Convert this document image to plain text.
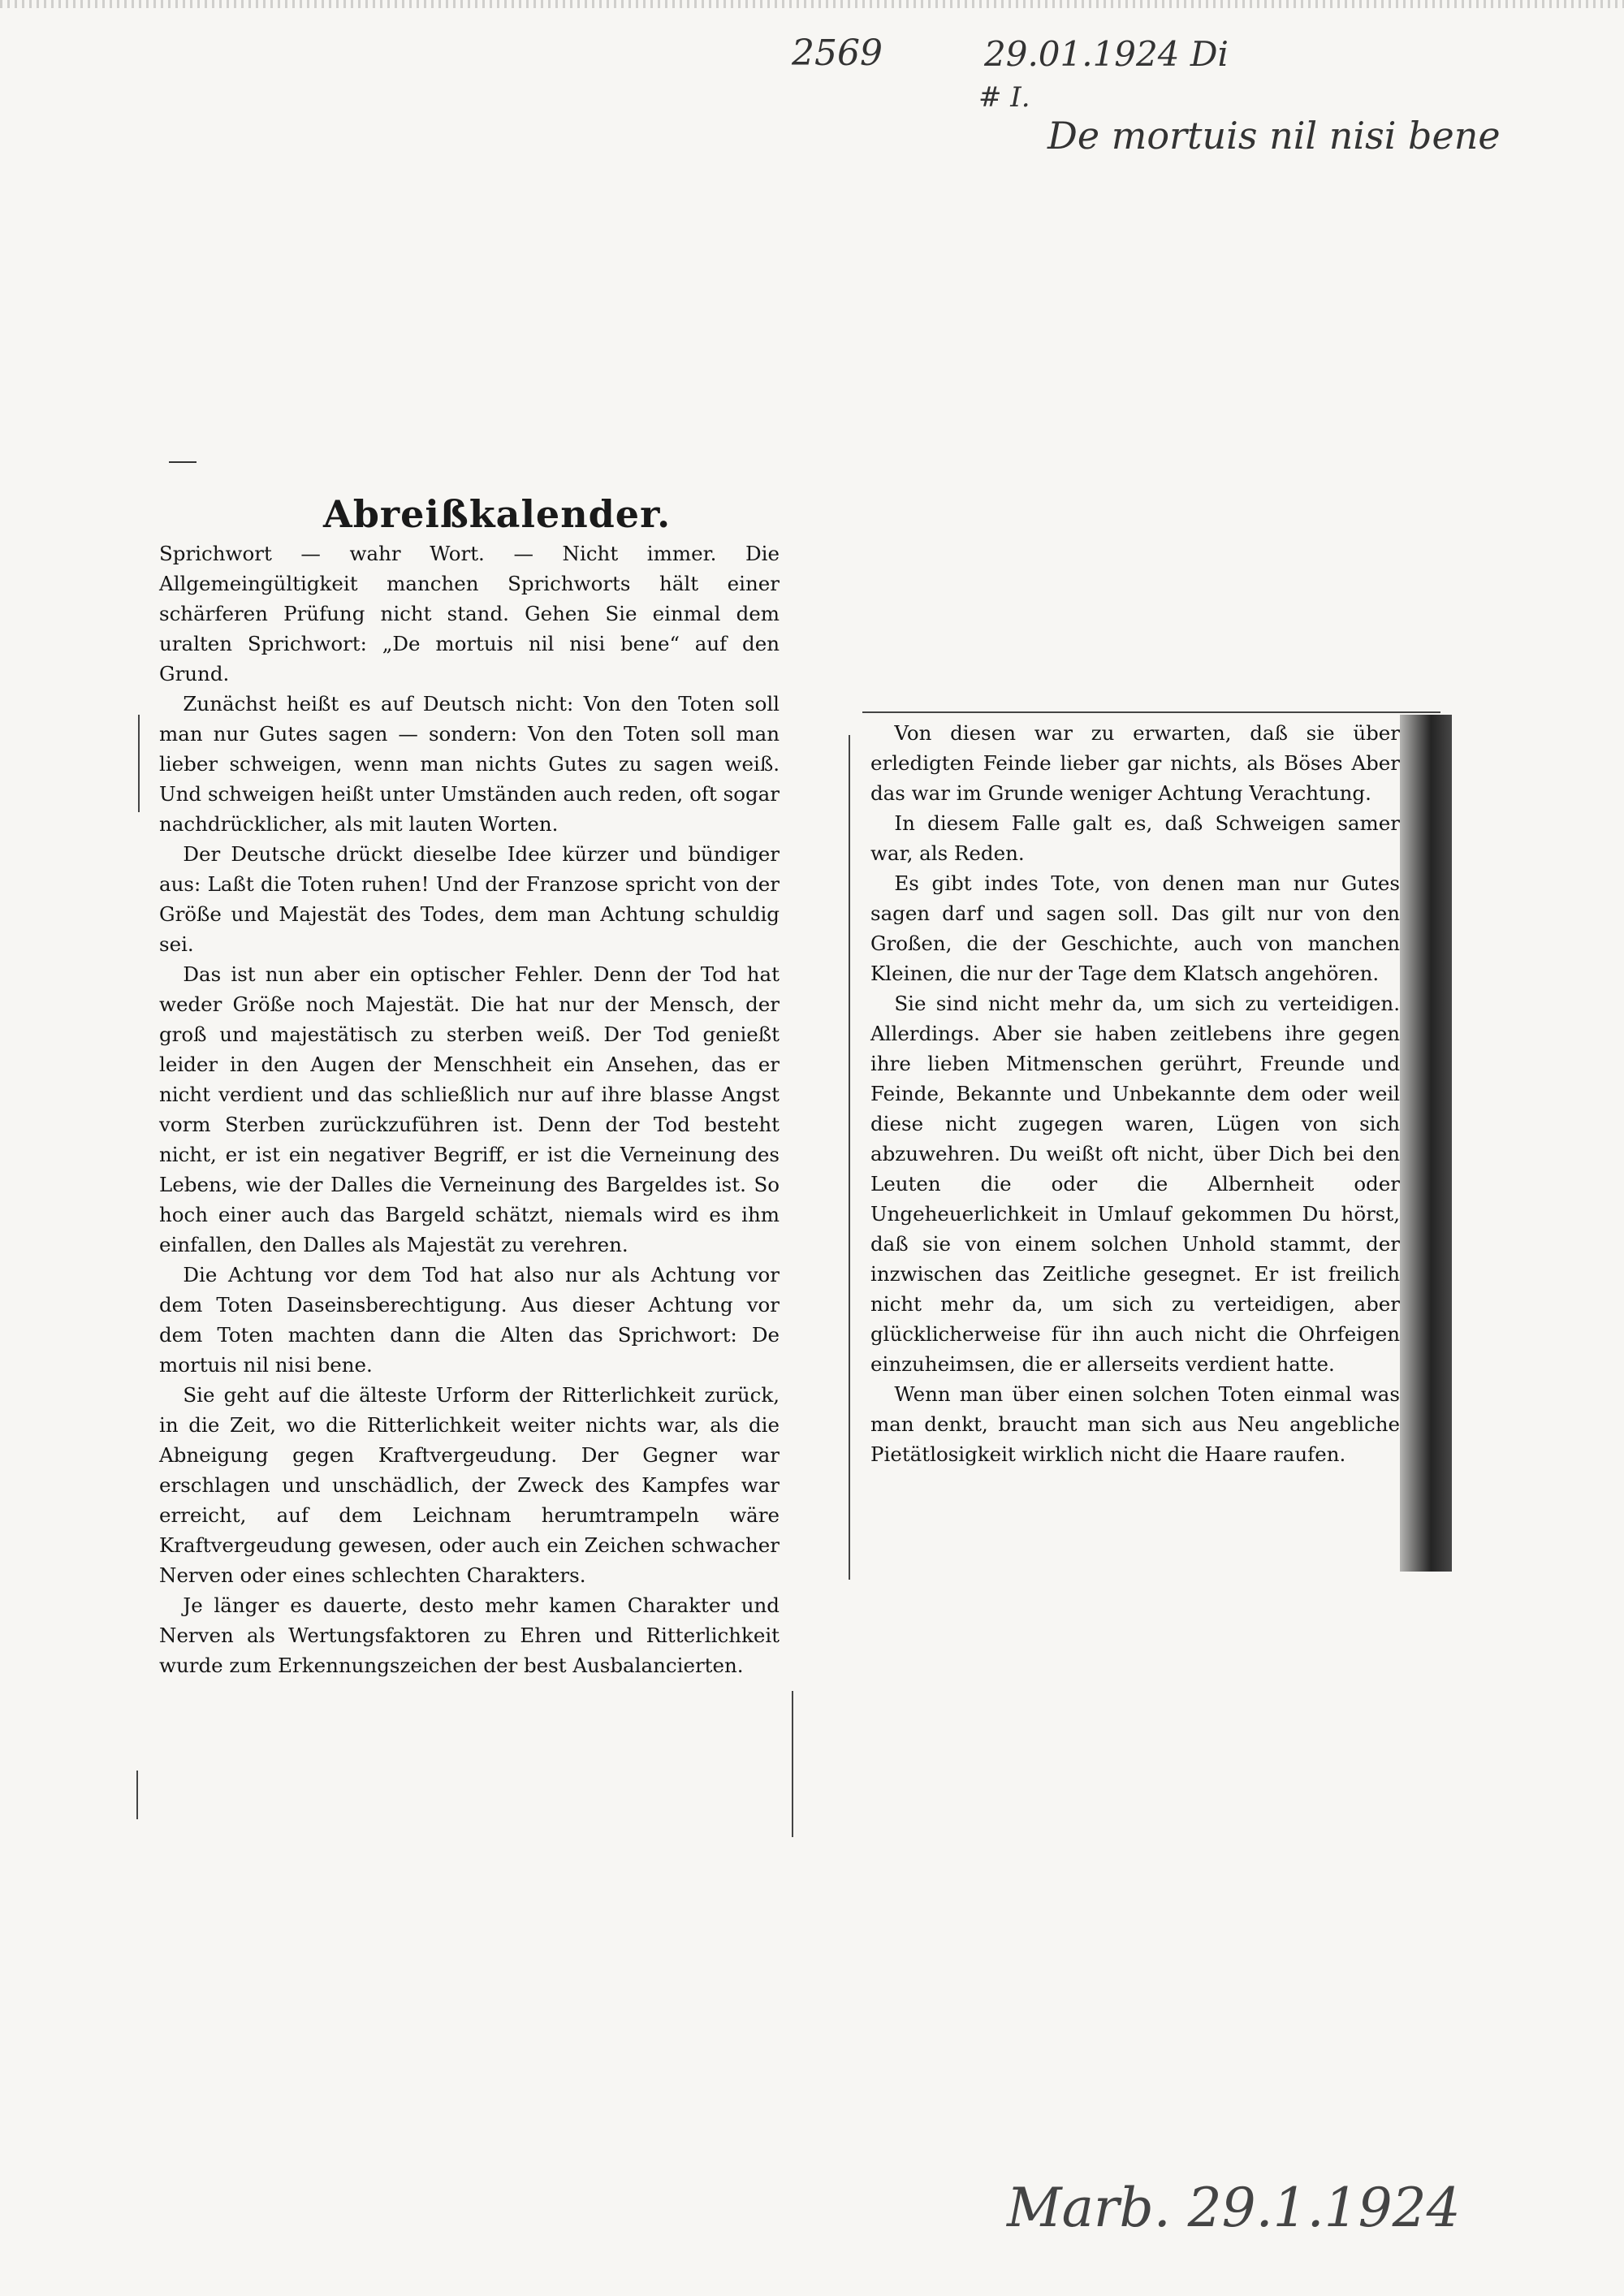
2569	29.01.1924 Di
# I.
De mortuis nil nisi bene
Abreißkalender.

Sprichwort — wahr Wort. — Nicht immer. Die Allgemeingültigkeit manchen Sprichworts hält einer schärferen Prüfung nicht stand. Gehen Sie einmal dem uralten Sprichwort: „De mortuis nil nisi bene“ auf den Grund.

Zunächst heißt es auf Deutsch nicht: Von den Toten soll man nur Gutes sagen — sondern: Von den Toten soll man lieber schweigen, wenn man nichts Gutes zu sagen weiß. Und schweigen heißt unter Umständen auch reden, oft sogar nachdrücklicher, als mit lauten Worten.

Der Deutsche drückt dieselbe Idee kürzer und bündiger aus: Laßt die Toten ruhen! Und der Franzose spricht von der Größe und Majestät des Todes, dem man Achtung schuldig sei.

Das ist nun aber ein optischer Fehler. Denn der Tod hat weder Größe noch Majestät. Die hat nur der Mensch, der groß und majestätisch zu sterben weiß. Der Tod genießt leider in den Augen der Menschheit ein Ansehen, das er nicht verdient und das schließlich nur auf ihre blasse Angst vorm Sterben zurückzuführen ist. Denn der Tod besteht nicht, er ist ein negativer Begriff, er ist die Verneinung des Lebens, wie der Dalles die Verneinung des Bargeldes ist. So hoch einer auch das Bargeld schätzt, niemals wird es ihm einfallen, den Dalles als Majestät zu verehren.

Die Achtung vor dem Tod hat also nur als Achtung vor dem Toten Daseinsberechtigung. Aus dieser Achtung vor dem Toten machten dann die Alten das Sprichwort: De mortuis nil nisi bene.

Sie geht auf die älteste Urform der Ritterlichkeit zurück, in die Zeit, wo die Ritterlichkeit weiter nichts war, als die Abneigung gegen Kraftvergeudung. Der Gegner war erschlagen und unschädlich, der Zweck des Kampfes war erreicht, auf dem Leichnam herumtrampeln wäre Kraftvergeudung gewesen, oder auch ein Zeichen schwacher Nerven oder eines schlechten Charakters.

Je länger es dauerte, desto mehr kamen Charakter und Nerven als Wertungsfaktoren zu Ehren und Ritterlichkeit wurde zum Erkennungszeichen der best Ausbalancierten.

Von diesen war zu erwarten, daß sie über erledigten Feinde lieber gar nichts, als Böses Aber das war im Grunde weniger Achtung Verachtung.

In diesem Falle galt es, daß Schweigen samer war, als Reden.

Es gibt indes Tote, von denen man nur Gutes sagen darf und sagen soll. Das gilt nur von den Großen, die der Geschichte, auch von manchen Kleinen, die nur der Tage dem Klatsch angehören.

Sie sind nicht mehr da, um sich zu verteidigen. Allerdings. Aber sie haben zeitlebens ihre gegen ihre lieben Mitmenschen gerührt, Freunde und Feinde, Bekannte und Unbekannte dem oder weil diese nicht zugegen waren, Lügen von sich abzuwehren. Du weißt oft nicht, über Dich bei den Leuten die oder die Albernheit oder Ungeheuerlichkeit in Umlauf gekommen Du hörst, daß sie von einem solchen Unhold stammt, der inzwischen das Zeitliche gesegnet. Er ist freilich nicht mehr da, um sich zu verteidigen, aber glücklicherweise für ihn auch nicht die Ohrfeigen einzuheimsen, die er allerseits verdient hatte.

Wenn man über einen solchen Toten einmal was man denkt, braucht man sich aus Neu angebliche Pietätlosigkeit wirklich nicht die Haare raufen.

Marb. 29.1.1924
